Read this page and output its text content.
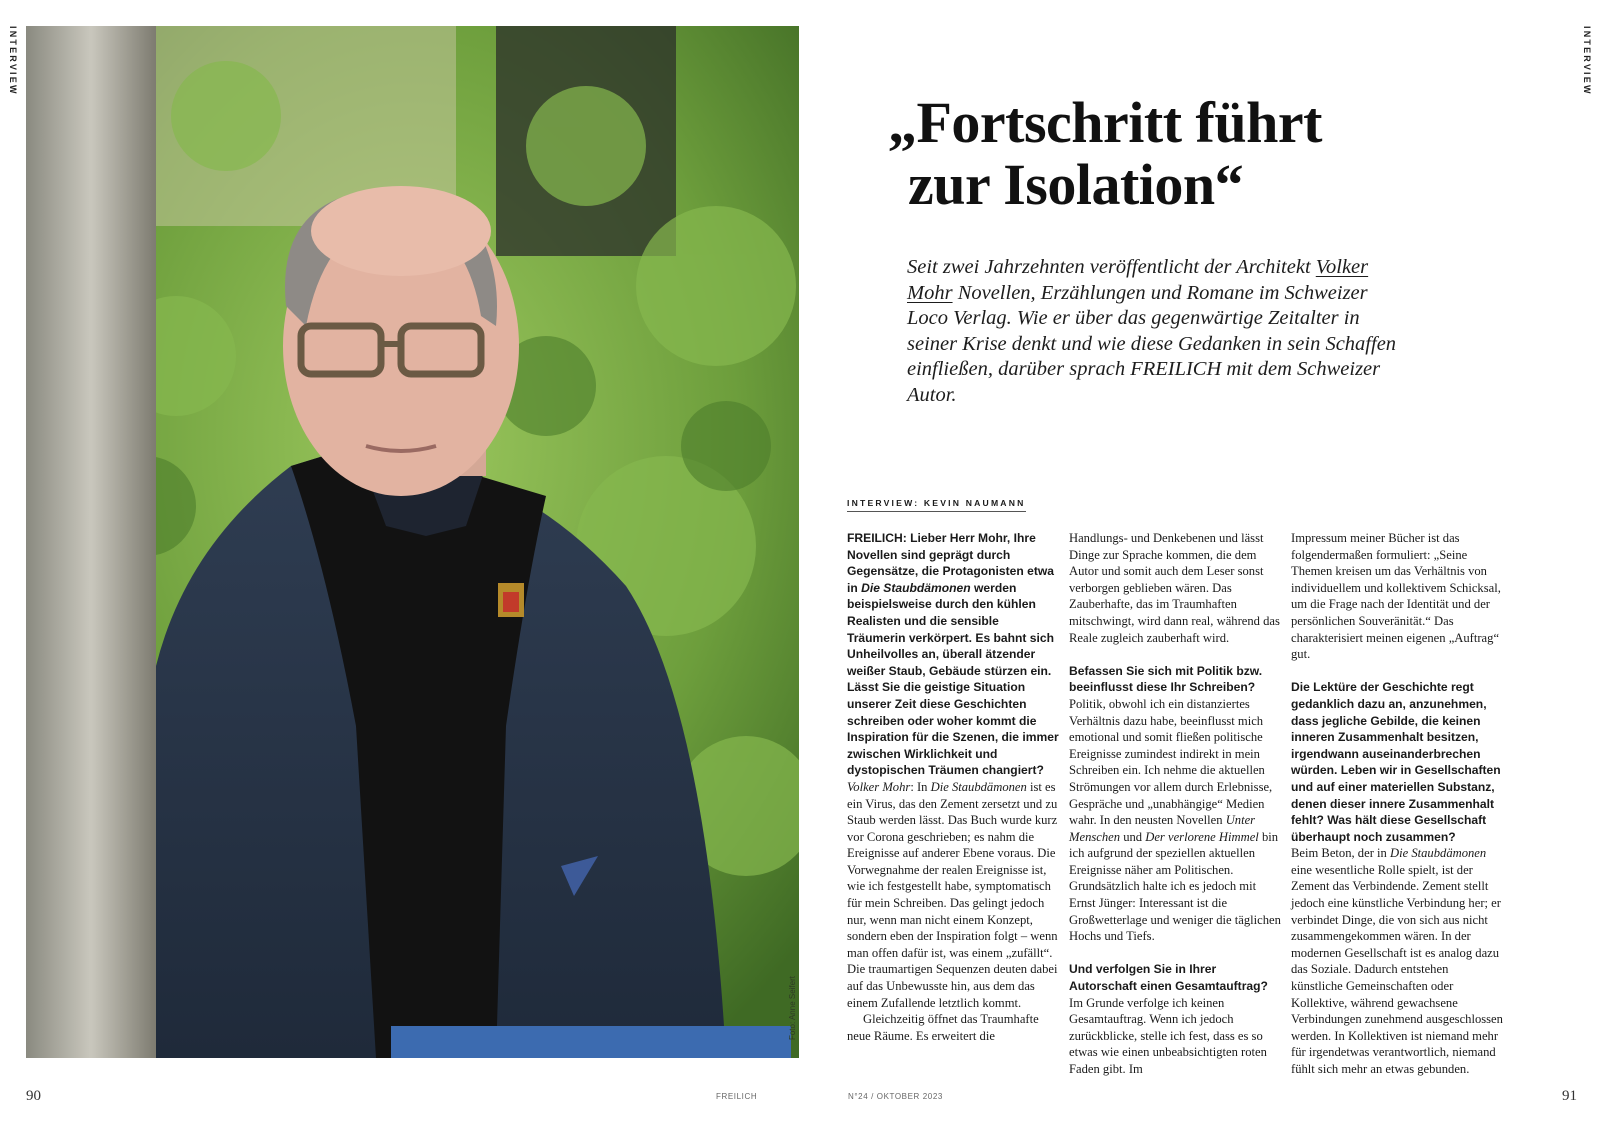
INTERVIEW	INTERVIEW
Foto: Anne Seifert
„Fortschritt führt
zur Isolation“
Seit zwei Jahrzehnten veröffentlicht der Architekt Volker Mohr Novellen, Erzählungen und Romane im Schweizer Loco Verlag. Wie er über das gegenwärtige Zeitalter in seiner Krise denkt und wie diese Gedanken in sein Schaffen einfließen, darüber sprach FREILICH mit dem Schweizer Autor.
INTERVIEW: KEVIN NAUMANN

FREILICH: Lieber Herr Mohr, Ihre Novellen sind geprägt durch Gegensätze, die Protagonisten etwa in Die Staubdämonen werden beispielsweise durch den kühlen Realisten und die sensible Träumerin verkörpert. Es bahnt sich Unheilvolles an, überall ätzender weißer Staub, Gebäude stürzen ein. Lässt Sie die geistige Situation unserer Zeit diese Geschichten schreiben oder woher kommt die Inspiration für die Szenen, die immer zwischen Wirklichkeit und dystopischen Träumen changiert?
Volker Mohr: In Die Staubdämonen ist es ein Virus, das den Zement zersetzt und zu Staub werden lässt. Das Buch wurde kurz vor Corona geschrieben; es nahm die Ereignisse auf anderer Ebene voraus. Die Vorwegnahme der realen Ereignisse ist, wie ich festgestellt habe, symptomatisch für mein Schreiben. Das gelingt jedoch nur, wenn man nicht einem Konzept, sondern eben der Inspiration folgt – wenn man offen dafür ist, was einem „zufällt“. Die traumartigen Sequenzen deuten dabei auf das Unbewusste hin, aus dem das einem Zufallende letztlich kommt.

Gleichzeitig öffnet das Traumhafte neue Räume. Es erweitert die

Handlungs- und Denkebenen und lässt Dinge zur Sprache kommen, die dem Autor und somit auch dem Leser sonst verborgen geblieben wären. Das Zauberhafte, das im Traumhaften mitschwingt, wird dann real, während das Reale zugleich zauberhaft wird.

Befassen Sie sich mit Politik bzw. beeinflusst diese Ihr Schreiben?
Politik, obwohl ich ein distanziertes Verhältnis dazu habe, beeinflusst mich emotional und somit fließen politische Ereignisse zumindest indirekt in mein Schreiben ein. Ich nehme die aktuellen Strömungen vor allem durch Erlebnisse, Gespräche und „unabhängige“ Medien wahr. In den neusten Novellen Unter Menschen und Der verlorene Himmel bin ich aufgrund der speziellen aktuellen Ereignisse näher am Politischen. Grundsätzlich halte ich es jedoch mit Ernst Jünger: Interessant ist die Großwetterlage und weniger die täglichen Hochs und Tiefs.

Und verfolgen Sie in Ihrer Autorschaft einen Gesamtauftrag?
Im Grunde verfolge ich keinen Gesamtauftrag. Wenn ich jedoch zurückblicke, stelle ich fest, dass es so etwas wie einen unbeabsichtigten roten Faden gibt. Im

Impressum meiner Bücher ist das folgendermaßen formuliert: „Seine Themen kreisen um das Verhältnis von individuellem und kollektivem Schicksal, um die Frage nach der Identität und der persönlichen Souveränität.“ Das charakterisiert meinen eigenen „Auftrag“ gut.

Die Lektüre der Geschichte regt gedanklich dazu an, anzunehmen, dass jegliche Gebilde, die keinen inneren Zusammenhalt besitzen, irgendwann auseinanderbrechen würden. Leben wir in Gesellschaften und auf einer materiellen Substanz, denen dieser innere Zusammenhalt fehlt? Was hält diese Gesellschaft überhaupt noch zusammen?
Beim Beton, der in Die Staubdämonen eine wesentliche Rolle spielt, ist der Zement das Verbindende. Zement stellt jedoch eine künstliche Verbindung her; er verbindet Dinge, die von sich aus nicht zusammengekommen wären. In der modernen Gesellschaft ist es analog dazu das Soziale. Dadurch entstehen künstliche Gemeinschaften oder Kollektive, während gewachsene Verbindungen zunehmend ausgeschlossen werden. In Kollektiven ist niemand mehr für irgendetwas verantwortlich, niemand fühlt sich mehr an etwas gebunden.

90	FREILICH	N°24 / OKTOBER 2023	91
